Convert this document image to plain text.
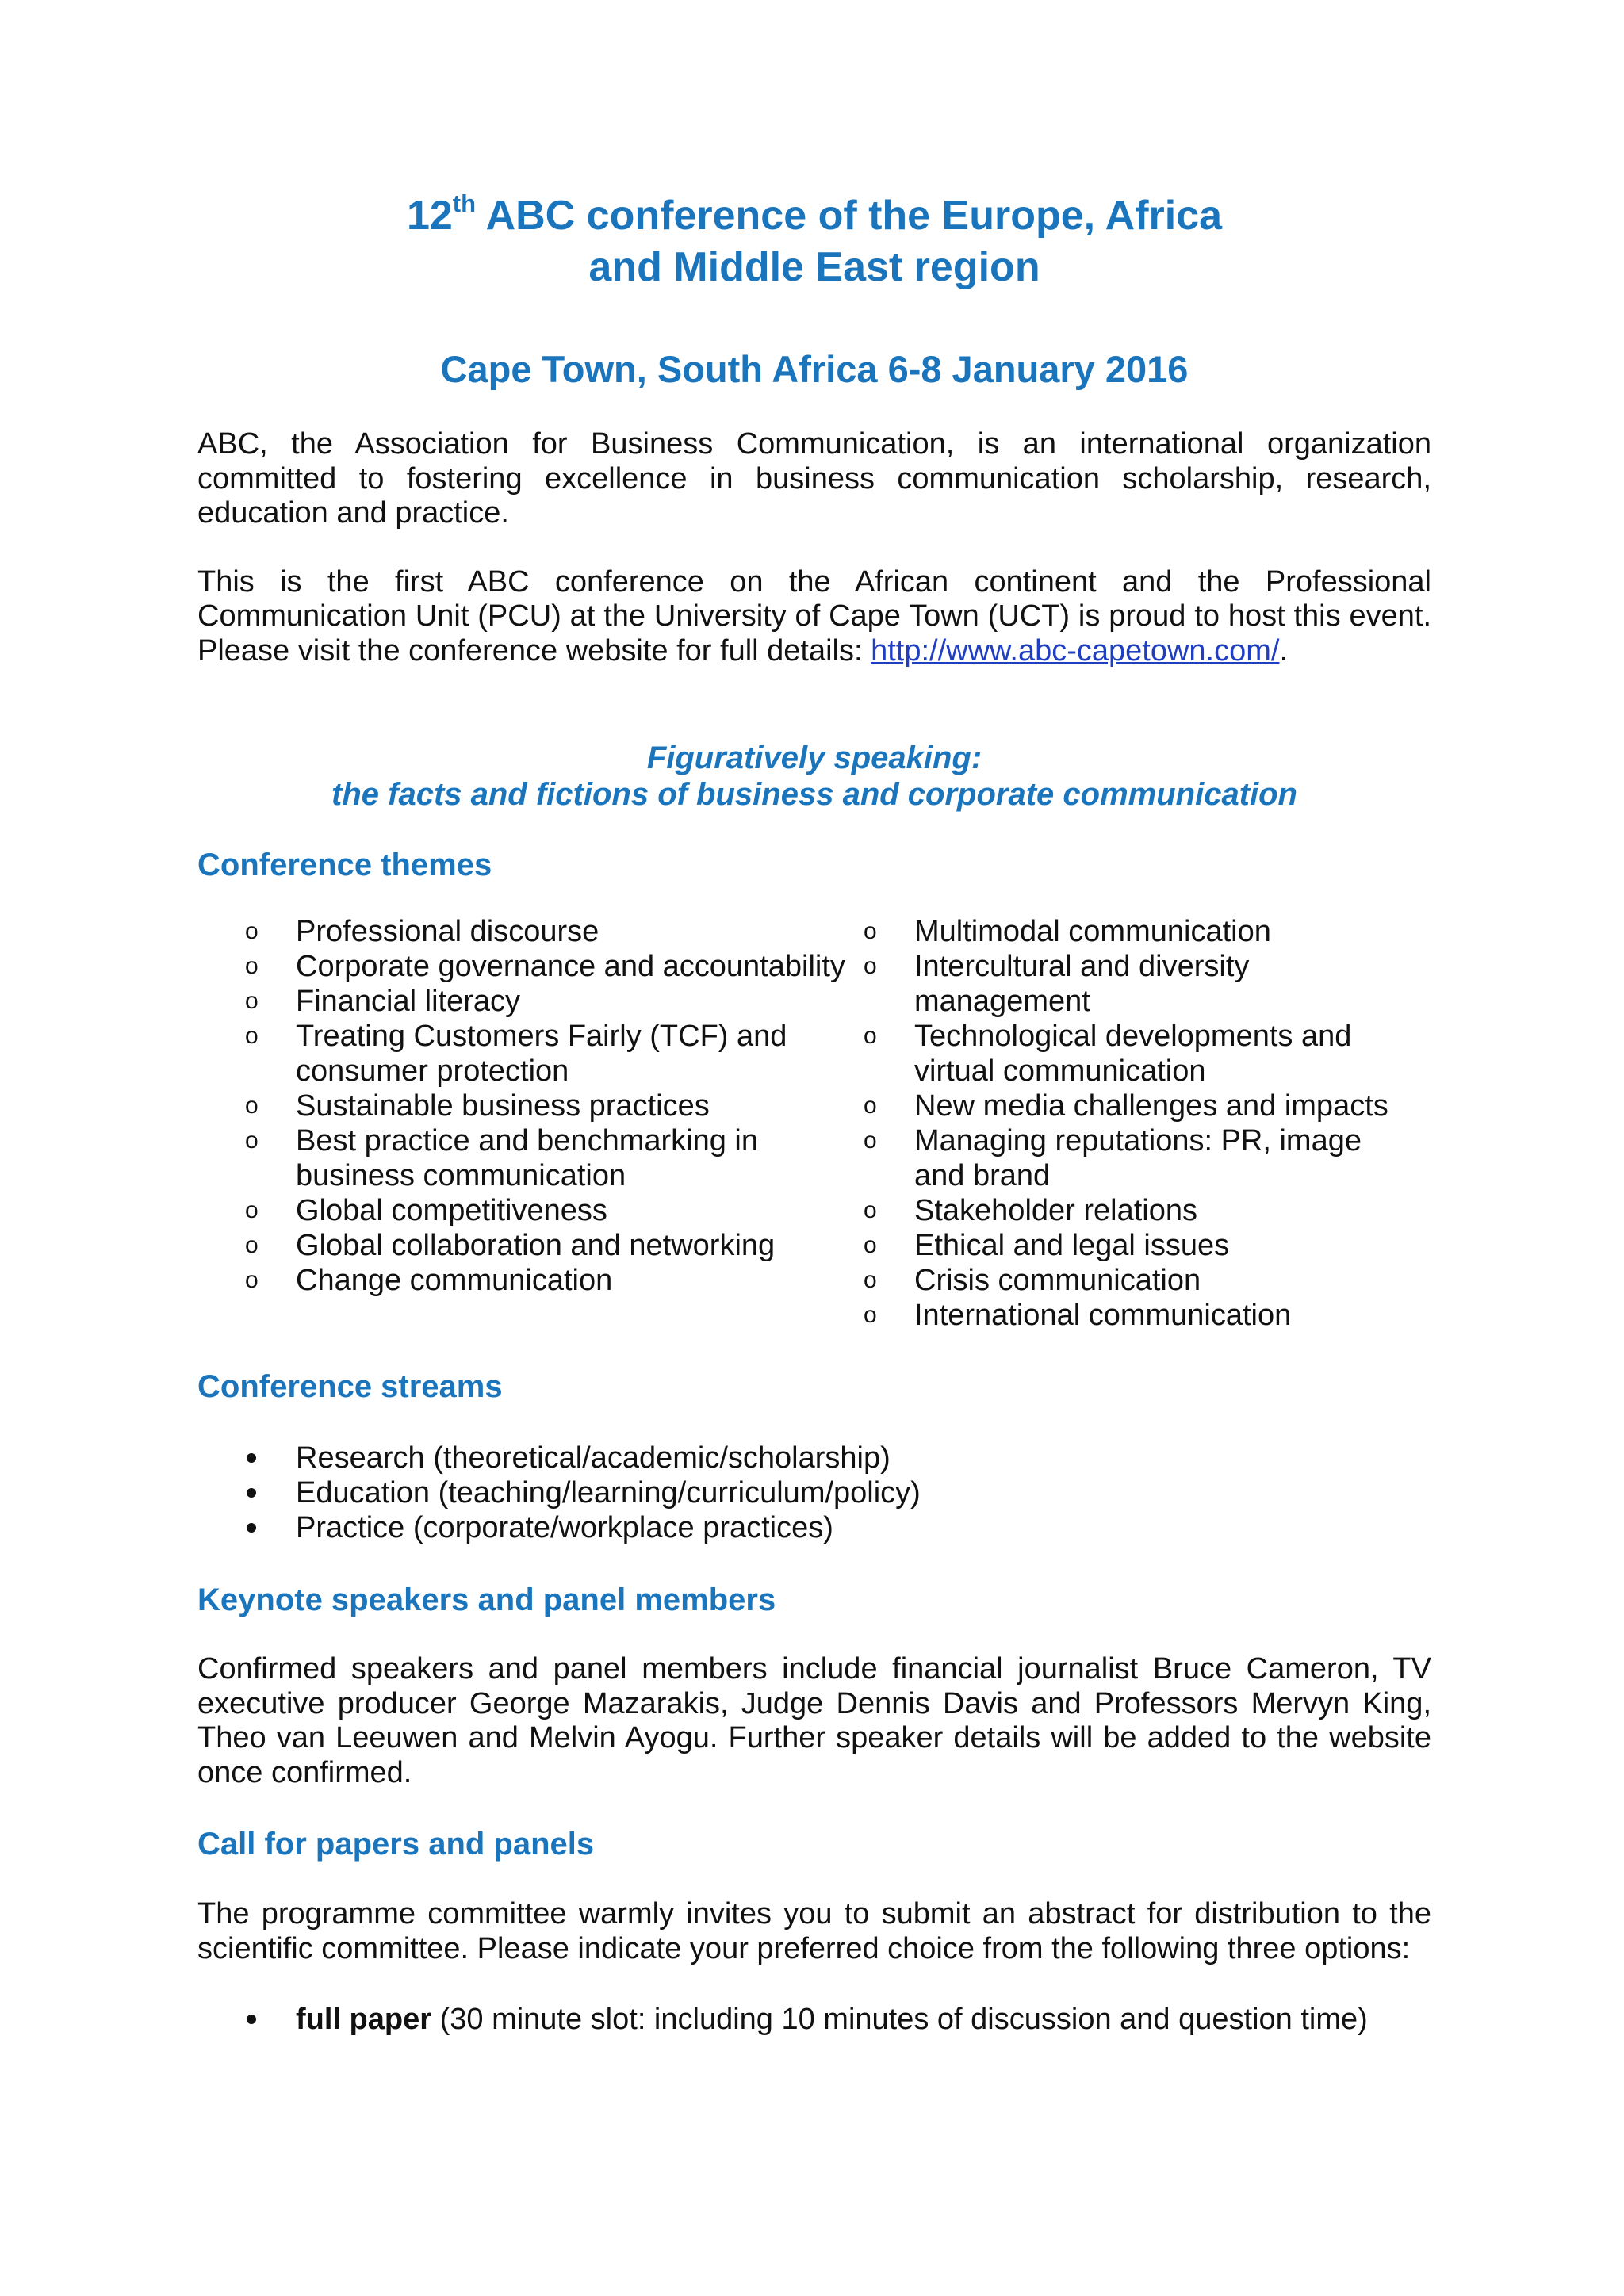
12th ABC conference of the Europe, Africa
and Middle East region
Cape Town, South Africa 6-8 January 2016

ABC, the Association for Business Communication, is an international organization committed to fostering excellence in business communication scholarship, research, education and practice.

This is the first ABC conference on the African continent and the Professional Communication Unit (PCU) at the University of Cape Town (UCT) is proud to host this event. Please visit the conference website for full details: http://www.abc-capetown.com/.

Figuratively speaking:

the facts and fictions of business and corporate communication

Conference themes
o Professional discourse
o Corporate governance and accountability
o Financial literacy
o Treating Customers Fairly (TCF) and consumer protection
o Sustainable business practices
o Best practice and benchmarking in business communication
o Global competitiveness
o Global collaboration and networking
o Change communication
o Multimodal communication
o Intercultural and diversity management
o Technological developments and virtual communication
o New media challenges and impacts
o Managing reputations: PR, image and brand
o Stakeholder relations
o Ethical and legal issues
o Crisis communication
o International communication
Conference streams
Research (theoretical/academic/scholarship)
Education (teaching/learning/curriculum/policy)
Practice (corporate/workplace practices)
Keynote speakers and panel members

Confirmed speakers and panel members include financial journalist Bruce Cameron, TV executive producer George Mazarakis, Judge Dennis Davis and Professors Mervyn King, Theo van Leeuwen and Melvin Ayogu. Further speaker details will be added to the website once confirmed.

Call for papers and panels

The programme committee warmly invites you to submit an abstract for distribution to the scientific committee. Please indicate your preferred choice from the following three options:

full paper (30 minute slot: including 10 minutes of discussion and question time)
